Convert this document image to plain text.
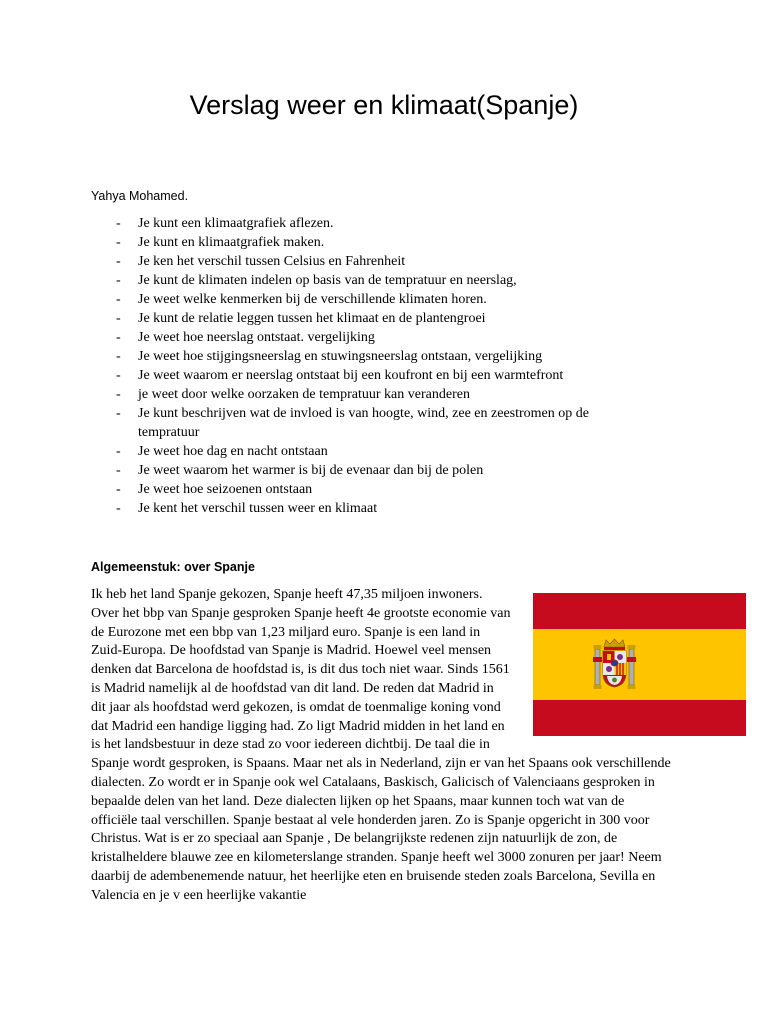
Verslag weer en klimaat(Spanje)
Yahya Mohamed.
- Je kunt een klimaatgrafiek aflezen.
- Je kunt en klimaatgrafiek maken.
- Je ken het verschil tussen Celsius en Fahrenheit
- Je kunt de klimaten indelen op basis van de tempratuur en neerslag,
- Je weet welke kenmerken bij de verschillende klimaten horen.
- Je kunt de relatie leggen tussen het klimaat en de plantengroei
- Je weet hoe neerslag ontstaat. vergelijking
- Je weet hoe stijgingsneerslag en stuwingsneerslag ontstaan, vergelijking
- Je weet waarom er neerslag ontstaat bij een koufront en bij een warmtefront
- je weet door welke oorzaken de tempratuur kan veranderen
- Je kunt beschrijven wat de invloed is van hoogte, wind, zee en zeestromen op de tempratuur
- Je weet hoe dag en nacht ontstaan
- Je weet waarom het warmer is bij de evenaar dan bij de polen
- Je weet hoe seizoenen ontstaan
- Je kent het verschil tussen weer en klimaat
Algemeenstuk: over Spanje
Ik heb het land Spanje gekozen, Spanje heeft 47,35 miljoen inwoners. Over het bbp van Spanje gesproken Spanje heeft 4e grootste economie van de Eurozone met een bbp van 1,23 miljard euro. Spanje is een land in Zuid-Europa. De hoofdstad van Spanje is Madrid. Hoewel veel mensen denken dat Barcelona de hoofdstad is, is dit dus toch niet waar. Sinds 1561 is Madrid namelijk al de hoofdstad van dit land. De reden dat Madrid in dit jaar als hoofdstad werd gekozen, is omdat de toenmalige koning vond dat Madrid een handige ligging had. Zo ligt Madrid midden in het land en is het landsbestuur in deze stad zo voor iedereen dichtbij. De taal die in Spanje wordt gesproken, is Spaans. Maar net als in Nederland, zijn er van het Spaans ook verschillende dialecten. Zo wordt er in Spanje ook wel Catalaans, Baskisch, Galicisch of Valenciaans gesproken in bepaalde delen van het land. Deze dialecten lijken op het Spaans, maar kunnen toch wat van de officiële taal verschillen. Spanje bestaat al vele honderden jaren. Zo is Spanje opgericht in 300 voor Christus. Wat is er zo speciaal aan Spanje , De belangrijkste redenen zijn natuurlijk de zon, de kristalheldere blauwe zee en kilometerslange stranden. Spanje heeft wel 3000 zonuren per jaar! Neem daarbij de adembenemende natuur, het heerlijke eten en bruisende steden zoals Barcelona, Sevilla en Valencia en je v een heerlijke vakantie
